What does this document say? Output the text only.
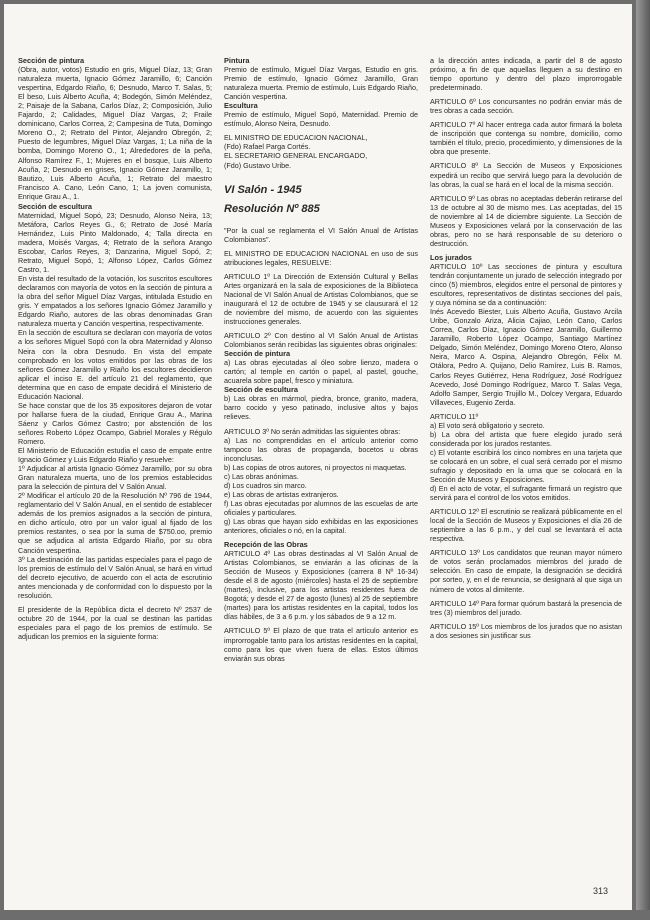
Sección de pintura

(Obra, autor, votos) Estudio en gris, Miguel Díaz, 13; Gran naturaleza muerta, Ignacio Gómez Jaramillo, 6; Canción vespertina, Edgardo Riaño, 6; Desnudo, Marco T. Salas, 5; El beso, Luis Alberto Acuña, 4; Bodegón, Simón Meléndez, 2; Paisaje de la Sabana, Carlos Díaz, 2; Composición, Julio Fajardo, 2; Calidades, Miguel Díaz Vargas, 2; Fraile dominicano, Carlos Correa, 2; Campesina de Tuta, Domingo Moreno O., 2; Retrato del Pintor, Alejandro Obregón, 2; Puesto de legumbres, Miguel Díaz Vargas, 1; La niña de la bomba, Domingo Moreno O., 1; Alrededores de la peña, Alfonso Ramírez F., 1; Mujeres en el bosque, Luis Alberto Acuña, 2; Desnudo en grises, Ignacio Gómez Jaramillo, 1; Bautizo, Luis Alberto Acuña, 1; Retrato del maestro Francisco A. Cano, León Cano, 1; La joven comunista, Enrique Grau A., 1.

Sección de escultura

Maternidad, Miguel Sopó, 23; Desnudo, Alonso Neira, 13; Metáfora, Carlos Reyes G., 6; Retrato de José María Hernández, Luis Pinto Maldonado, 4; Talla directa en madera, Moisés Vargas, 4; Retrato de la señora Arango Escobar, Carlos Reyes, 3; Danzarina, Miguel Sopó, 2; Retrato, Miguel Sopó, 1; Alfonso López, Carlos Gómez Castro, 1.

En vista del resultado de la votación, los suscritos escultores declaramos con mayoría de votos en la sección de pintura a la obra del señor Miguel Díaz Vargas, intitulada Estudio en gris. Y empatados a los señores Ignacio Gómez Jaramillo y Edgardo Riaño, autores de las obras denominadas Gran naturaleza muerta y Canción vespertina, respectivamente.

En la sección de escultura se declaran con mayoría de votos a los señores Miguel Sopó con la obra Maternidad y Alonso Neira con la obra Desnudo. En vista del empate comprobado en los votos emitidos por las obras de los señores Gómez Jaramillo y Riaño los escultores decidieron aplicar el inciso E. del artículo 21 del reglamento, que determina que en caso de empate decidirá el Ministerio de Educación Nacional.

Se hace constar que de los 35 expositores dejaron de votar por hallarse fuera de la ciudad, Enrique Grau A., Marina Sáenz y Carlos Gómez Castro; por abstención de los señores Roberto López Ocampo, Gabriel Morales y Régulo Romero.

El Ministerio de Educación estudia el caso de empate entre Ignacio Gómez y Luis Edgardo Riaño y resuelve:

1º Adjudicar al artista Ignacio Gómez Jaramillo, por su obra Gran naturaleza muerta, uno de los premios establecidos para la selección de pintura del V Salón Anual.

2º Modificar el artículo 20 de la Resolución Nº 796 de 1944, reglamentario del V Salón Anual, en el sentido de establecer además de los premios asignados a la sección de pintura, en dicho artículo, otro por un valor igual al fijado de los premios restantes, o sea por la suma de $750.oo, premio que se adjudica al artista Edgardo Riaño, por su obra Canción vespertina.

3º La destinación de las partidas especiales para el pago de los premios de estímulo del V Salón Anual, se hará en virtud del decreto ejecutivo, de acuerdo con el acta de escrutinio antes mencionada y de conformidad con lo dispuesto por la resolución.

El presidente de la República dicta el decreto Nº 2537 de octubre 20 de 1944, por la cual se destinan las partidas especiales para el pago de los premios de estímulo. Se adjudican los premios en la siguiente forma:

Pintura

Premio de estímulo, Miguel Díaz Vargas, Estudio en gris. Premio de estímulo, Ignacio Gómez Jaramillo, Gran naturaleza muerta. Premio de estímulo, Luis Edgardo Riaño, Canción vespertina.

Escultura

Premio de estímulo, Miguel Sopó, Maternidad. Premio de estímulo, Alonso Neira, Desnudo.

EL MINISTRO DE EDUCACION NACIONAL,
(Fdo) Rafael Parga Cortés.
EL SECRETARIO GENERAL ENCARGADO,
(Fdo) Gustavo Uribe.
VI Salón - 1945
Resolución Nº 885

"Por la cual se reglamenta el VI Salón Anual de Artistas Colombianos".

EL MINISTRO DE EDUCACION NACIONAL en uso de sus atribuciones legales, RESUELVE:

ARTICULO 1º La Dirección de Extensión Cultural y Bellas Artes organizará en la sala de exposiciones de la Biblioteca Nacional de VI Salón Anual de Artistas Colombianos, que se inaugurará el 12 de octubre de 1945 y se clausurará el 12 de noviembre del mismo, de acuerdo con las siguientes instrucciones generales.

ARTICULO 2º Con destino al VI Salón Anual de Artistas Colombianos serán recibidas las siguientes obras originales:

Sección de pintura

a) Las obras ejecutadas al óleo sobre lienzo, madera o cartón; al temple en cartón o papel, al pastel, gouche, acuarela sobre papel, fresco y miniatura.

Sección de escultura

b) Las obras en mármol, piedra, bronce, granito, madera, barro cocido y yeso patinado, inclusive altos y bajos relieves.

ARTICULO 3º No serán admitidas las siguientes obras:

a) Las no comprendidas en el artículo anterior como tampoco las obras de propaganda, bocetos u obras inconclusas.

b) Las copias de otros autores, ni proyectos ni maquetas.

c) Las obras anónimas.

d) Los cuadros sin marco.

e) Las obras de artistas extranjeros.

f) Las obras ejecutadas por alumnos de las escuelas de arte oficiales y particulares.

g) Las obras que hayan sido exhibidas en las exposiciones anteriores, oficiales o nó, en la capital.

Recepción de las Obras

ARTICULO 4º Las obras destinadas al VI Salón Anual de Artistas Colombianos, se enviarán a las oficinas de la Sección de Museos y Exposiciones (carrera 8 Nº 16-34) desde el 8 de agosto (miércoles) hasta el 25 de septiembre (martes), inclusive, para los artistas residentes fuera de Bogotá; y desde el 27 de agosto (lunes) al 25 de septiembre (martes) para los artistas residentes en la capital, todos los días hábiles, de 3 a 6 p.m. y los sábados de 9 a 12 m.

ARTICULO 5º El plazo de que trata el artículo anterior es improrrogable tanto para los artistas residentes en la capital, como para los que viven fuera de ellas. Estos últimos enviarán sus obras

a la dirección antes indicada, a partir del 8 de agosto próximo, a fin de que aquellas lleguen a su destino en tiempo oportuno y dentro del plazo improrrogable predeterminado.

ARTICULO 6º Los concursantes no podrán enviar más de tres obras a cada sección.

ARTICULO 7º Al hacer entrega cada autor firmará la boleta de inscripción que contenga su nombre, domicilio, como también el título, precio, procedimiento, y dimensiones de la obra que presente.

ARTICULO 8º La Sección de Museos y Exposiciones expedirá un recibo que servirá luego para la devolución de las obras, la cual se hará en el local de la misma sección.

ARTICULO 9º Las obras no aceptadas deberán retirarse del 13 de octubre al 30 de mismo mes. Las aceptadas, del 15 de noviembre al 14 de diciembre siguiente. La Sección de Museos y Exposiciones velará por la conservación de las obras, pero no se hará responsable de su deterioro o destrucción.

Los jurados

ARTICULO 10º Las secciones de pintura y escultura tendrán conjuntamente un jurado de selección integrado por cinco (5) miembros, elegidos entre el personal de pintores y escultores, representativos de distintas secciones del país, y cuya nómina se da a continuación:

Inés Acevedo Biester, Luis Alberto Acuña, Gustavo Arcila Uribe, Gonzalo Ariza, Alicia Cajiao, León Cano, Carlos Correa, Carlos Díaz, Ignacio Gómez Jaramillo, Guillermo Jaramillo, Roberto López Ocampo, Santiago Martínez Delgado, Simón Meléndez, Domingo Moreno Otero, Alonso Neira, Marco A. Ospina, Alejandro Obregón, Félix M. Otálora, Pedro A. Quijano, Delio Ramírez, Luis B. Ramos, Carlos Reyes Gutiérrez, Hena Rodríguez, José Rodríguez Acevedo, José Domingo Rodríguez, Marco T. Salas Vega, Adolfo Samper, Sergio Trujillo M., Dolcey Vergara, Eduardo Villaveces, Eugenio Zerda.

ARTICULO 11º

a) El voto será obligatorio y secreto.

b) La obra del artista que fuere elegido jurado será considerada por los jurados restantes.

c) El votante escribirá los cinco nombres en una tarjeta que se colocará en un sobre, el cual será cerrado por el mismo sufragio y depositado en la urna que se colocará en la Sección de Museos y Exposiciones.

d) En el acto de votar, el sufragante firmará un registro que servirá para el control de los votos emitidos.

ARTICULO 12º El escrutinio se realizará públicamente en el local de la Sección de Museos y Exposiciones el día 26 de septiembre a las 6 p.m., y del cual se levantará el acta respectiva.

ARTICULO 13º Los candidatos que reunan mayor número de votos serán proclamados miembros del jurado de selección. En caso de empate, la designación se decidirá por sorteo, y, en el de renuncia, se designará al que siga un número de votos al dimitente.

ARTICULO 14º Para formar quórum bastará la presencia de tres (3) miembros del jurado.

ARTICULO 15º Los miembros de los jurados que no asistan a dos sesiones sin justificar sus

313
